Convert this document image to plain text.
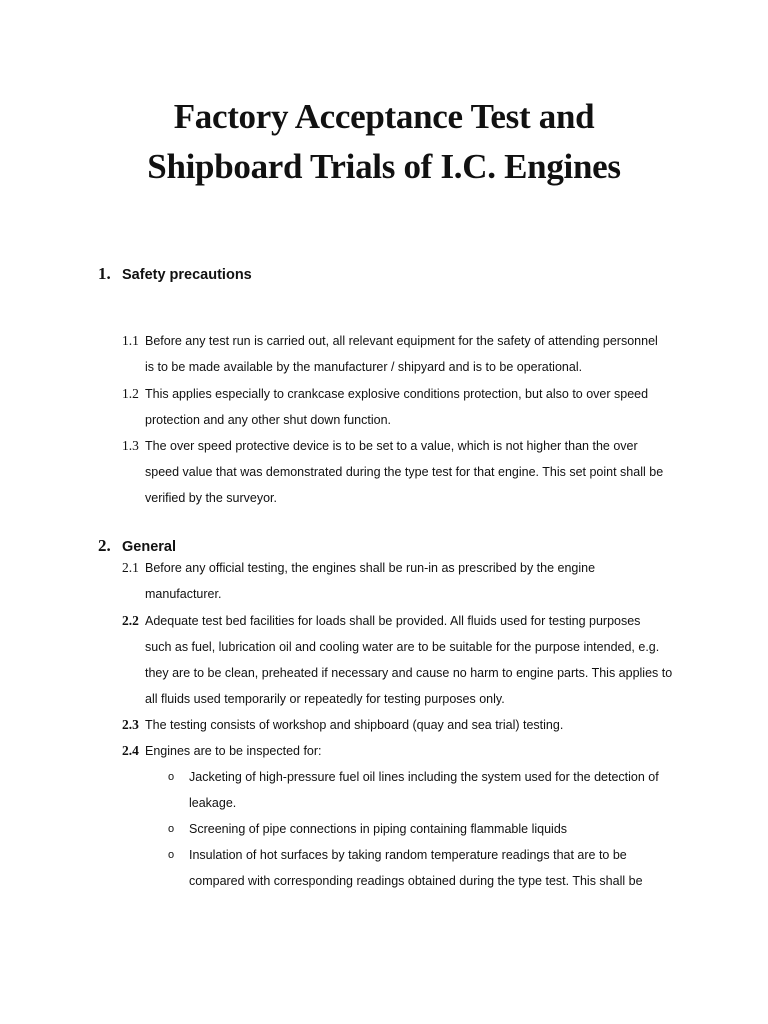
Factory Acceptance Test and
Shipboard Trials of I.C. Engines
1. Safety precautions
1.1 Before any test run is carried out, all relevant equipment for the safety of attending personnel
is to be made available by the manufacturer / shipyard and is to be operational.
1.2 This applies especially to crankcase explosive conditions protection, but also to over speed
protection and any other shut down function.
1.3 The over speed protective device is to be set to a value, which is not higher than the over
speed value that was demonstrated during the type test for that engine. This set point shall be
verified by the surveyor.
2. General
2.1 Before any official testing, the engines shall be run-in as prescribed by the engine
manufacturer.
2.2 Adequate test bed facilities for loads shall be provided. All fluids used for testing purposes
such as fuel, lubrication oil and cooling water are to be suitable for the purpose intended, e.g.
they are to be clean, preheated if necessary and cause no harm to engine parts. This applies to
all fluids used temporarily or repeatedly for testing purposes only.
2.3 The testing consists of workshop and shipboard (quay and sea trial) testing.
2.4 Engines are to be inspected for:
o Jacketing of high-pressure fuel oil lines including the system used for the detection of
leakage.
o Screening of pipe connections in piping containing flammable liquids
o Insulation of hot surfaces by taking random temperature readings that are to be
compared with corresponding readings obtained during the type test. This shall be
